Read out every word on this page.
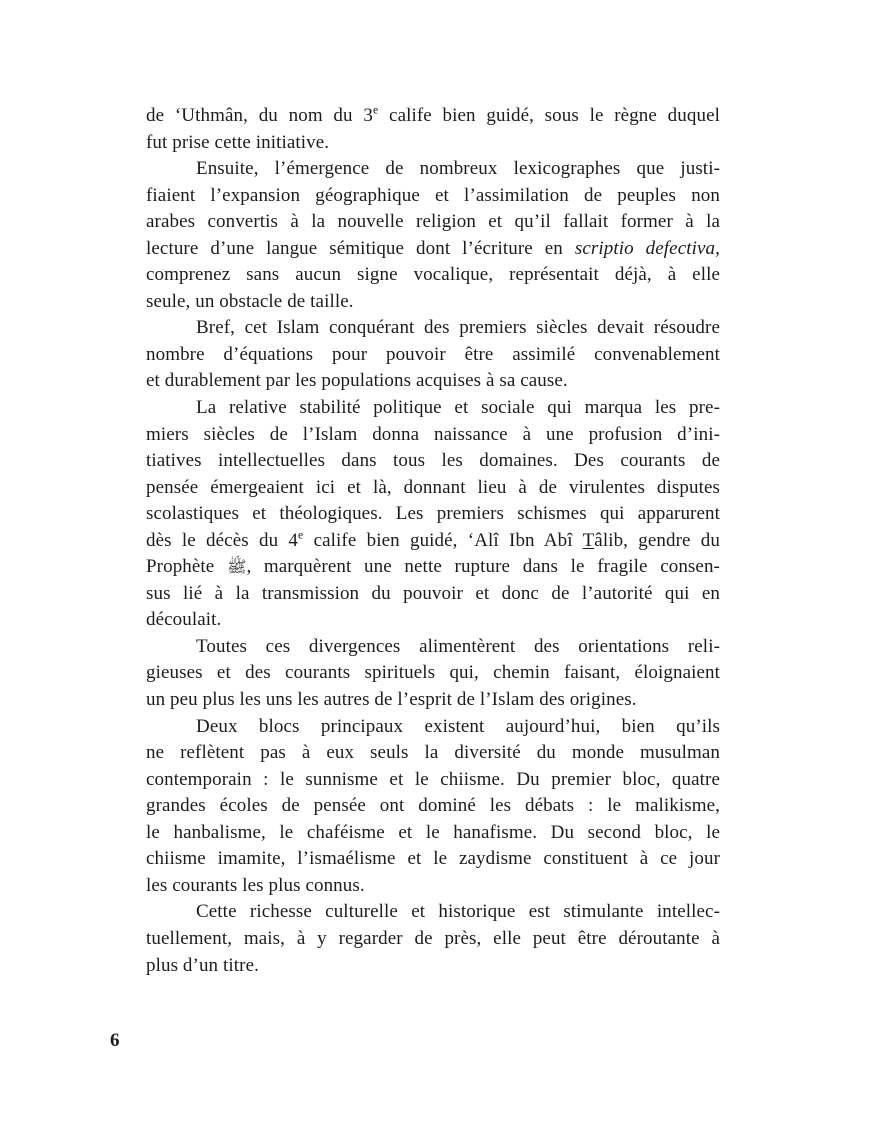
de ‘Uthmân, du nom du 3e calife bien guidé, sous le règne duquel
fut prise cette initiative.
Ensuite, l’émergence de nombreux lexicographes que justi-
fiaient l’expansion géographique et l’assimilation de peuples non
arabes convertis à la nouvelle religion et qu’il fallait former à la
lecture d’une langue sémitique dont l’écriture en scriptio defectiva,
comprenez sans aucun signe vocalique, représentait déjà, à elle
seule, un obstacle de taille.
Bref, cet Islam conquérant des premiers siècles devait résoudre
nombre d’équations pour pouvoir être assimilé convenablement
et durablement par les populations acquises à sa cause.
La relative stabilité politique et sociale qui marqua les pre-
miers siècles de l’Islam donna naissance à une profusion d’ini-
tiatives intellectuelles dans tous les domaines. Des courants de
pensée émergeaient ici et là, donnant lieu à de virulentes disputes
scolastiques et théologiques. Les premiers schismes qui apparurent
dès le décès du 4e calife bien guidé, ‘Alî Ibn Abî Tâlib, gendre du
Prophète ﷺ, marquèrent une nette rupture dans le fragile consen-
sus lié à la transmission du pouvoir et donc de l’autorité qui en
découlait.
Toutes ces divergences alimentèrent des orientations reli-
gieuses et des courants spirituels qui, chemin faisant, éloignaient
un peu plus les uns les autres de l’esprit de l’Islam des origines.
Deux blocs principaux existent aujourd’hui, bien qu’ils
ne reflètent pas à eux seuls la diversité du monde musulman
contemporain : le sunnisme et le chiisme. Du premier bloc, quatre
grandes écoles de pensée ont dominé les débats : le malikisme,
le hanbalisme, le chaféisme et le hanafisme. Du second bloc, le
chiisme imamite, l’ismaélisme et le zaydisme constituent à ce jour
les courants les plus connus.
Cette richesse culturelle et historique est stimulante intellec-
tuellement, mais, à y regarder de près, elle peut être déroutante à
plus d’un titre.
6
